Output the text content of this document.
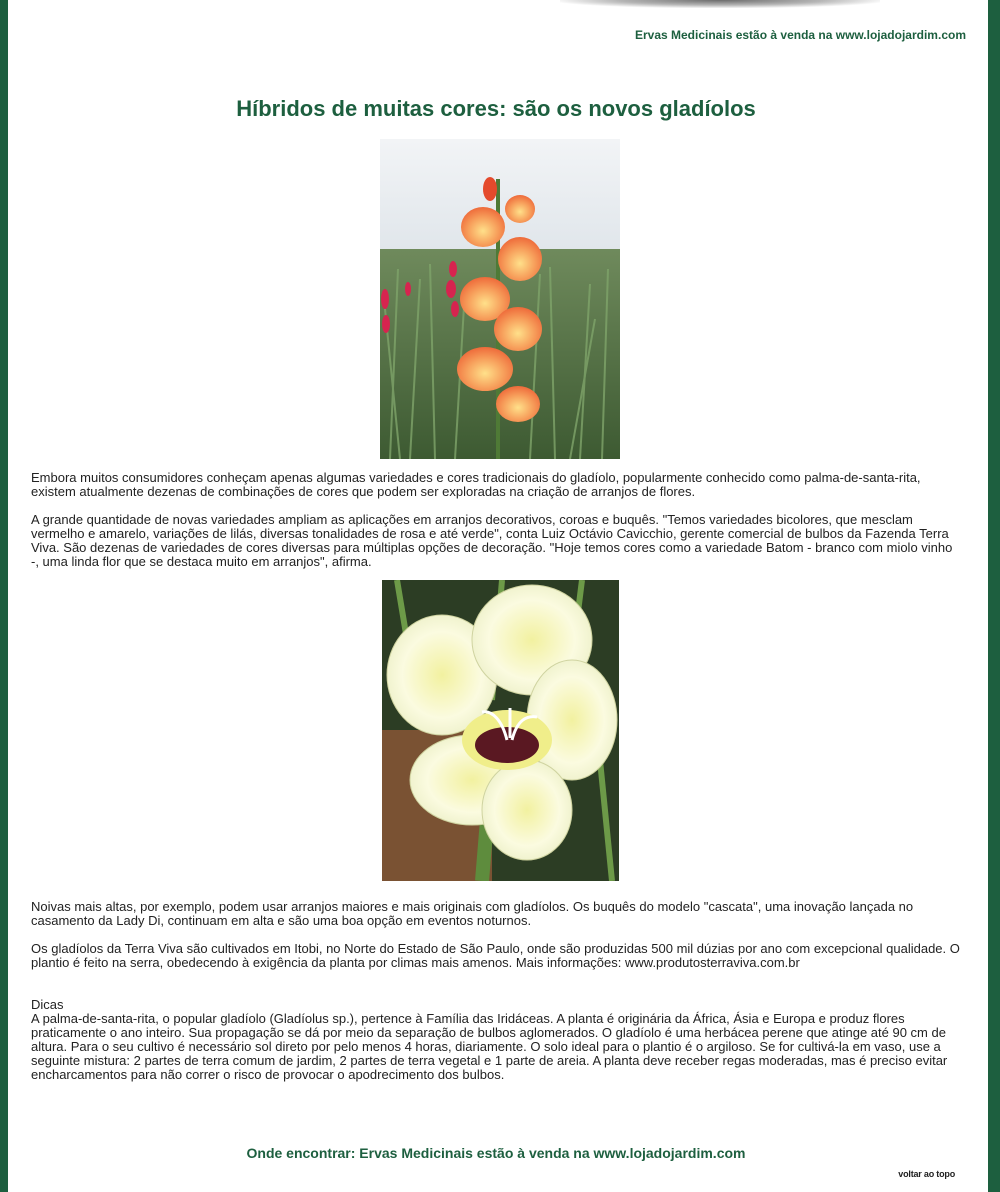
Ervas Medicinais estão à venda na www.lojadojardim.com
Híbridos de muitas cores: são os novos gladíolos

Embora muitos consumidores conheçam apenas algumas variedades e cores tradicionais do gladíolo, popularmente conhecido como palma-de-santa-rita, existem atualmente dezenas de combinações de cores que podem ser exploradas na criação de arranjos de flores.

A grande quantidade de novas variedades ampliam as aplicações em arranjos decorativos, coroas e buquês. "Temos variedades bicolores, que mesclam vermelho e amarelo, variações de lilás, diversas tonalidades de rosa e até verde", conta Luiz Octávio Cavicchio, gerente comercial de bulbos da Fazenda Terra Viva. São dezenas de variedades de cores diversas para múltiplas opções de decoração. "Hoje temos cores como a variedade Batom - branco com miolo vinho -, uma linda flor que se destaca muito em arranjos", afirma.

Noivas mais altas, por exemplo, podem usar arranjos maiores e mais originais com gladíolos. Os buquês do modelo "cascata", uma inovação lançada no casamento da Lady Di, continuam em alta e são uma boa opção em eventos noturnos.

Os gladíolos da Terra Viva são cultivados em Itobi, no Norte do Estado de São Paulo, onde são produzidas 500 mil dúzias por ano com excepcional qualidade. O plantio é feito na serra, obedecendo à exigência da planta por climas mais amenos. Mais informações: www.produtosterraviva.com.br

Dicas

A palma-de-santa-rita, o popular gladíolo (Gladíolus sp.), pertence à Família das Iridáceas. A planta é originária da África, Ásia e Europa e produz flores praticamente o ano inteiro. Sua propagação se dá por meio da separação de bulbos aglomerados. O gladíolo é uma herbácea perene que atinge até 90 cm de altura. Para o seu cultivo é necessário sol direto por pelo menos 4 horas, diariamente. O solo ideal para o plantio é o argiloso. Se for cultivá-la em vaso, use a seguinte mistura: 2 partes de terra comum de jardim, 2 partes de terra vegetal e 1 parte de areia. A planta deve receber regas moderadas, mas é preciso evitar encharcamentos para não correr o risco de provocar o apodrecimento dos bulbos.

Onde encontrar: Ervas Medicinais estão à venda na www.lojadojardim.com
voltar ao topo
